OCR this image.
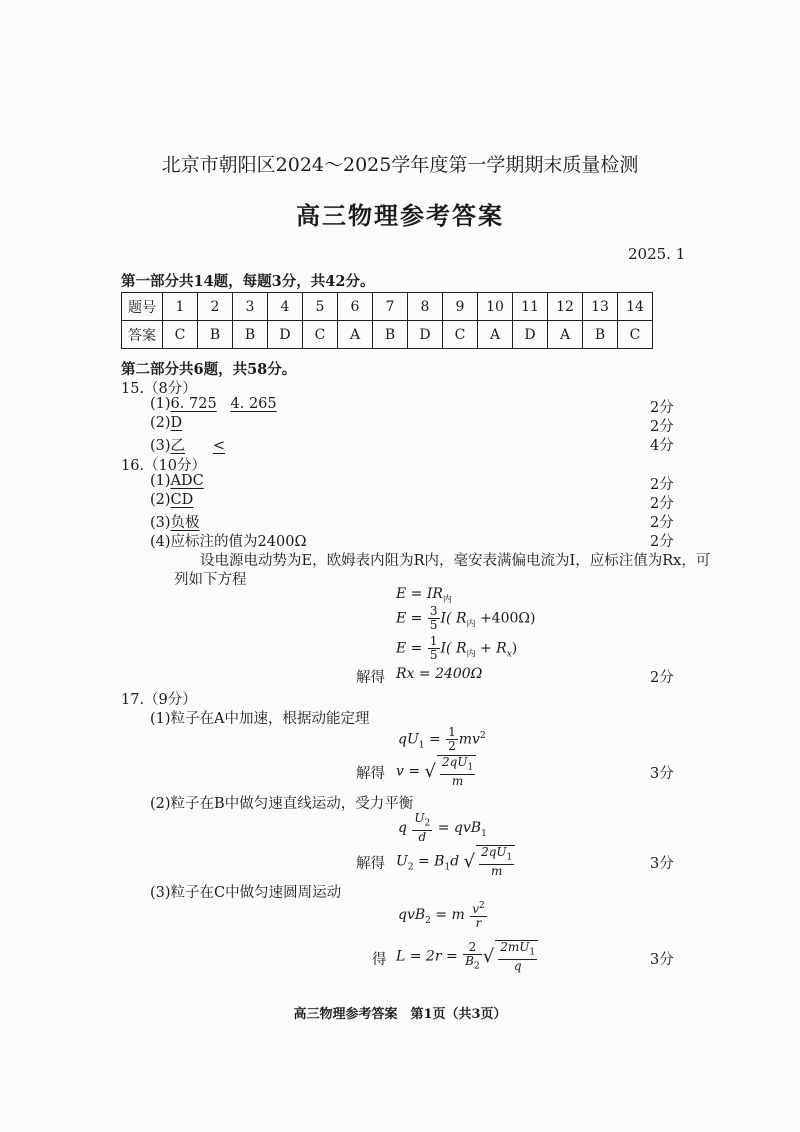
北京市朝阳区2024～2025学年度第一学期期末质量检测
高三物理参考答案
2025. 1
第一部分共14题，每题3分，共42分。
题号	1	2	3	4	5	6	7	8	9	10	11	12	13	14
答案	C	B	B	D	C	A	B	D	C	A	D	A	B	C
第二部分共6题，共58分。
15.（8分）
(1)6. 725 4. 265	2分
(2)D	2分
(3)乙 <	4分
16.（10分）
(1)ADC	2分
(2)CD	2分
(3)负极	2分
(4)应标注的值为2400Ω	2分
设电源电动势为E，欧姆表内阻为R内，毫安表满偏电流为I，应标注值为Rx，可
列如下方程
$E = IR_内$
$E = \frac{3}{5} I$( $R_内 +400\Omega$)
$E = \frac{1}{5} I$( $R_内 + R_x$)
解得 Rx = 2400Ω	2分
17.（9分）
(1)粒子在A中加速，根据动能定理
$qU_1 = \frac{1}{2} mv^2$
解得 v = √ $\frac{2qU_1}{m}$	3分
(2)粒子在B中做匀速直线运动，受力平衡
q $\frac{U_2}{d} = qvB_1$
解得 $U_2 = B_1d$ √ $\frac{2qU_1}{m}$	3分
(3)粒子在C中做匀速圆周运动
qvB$_2$ = m $\frac{v^2}{r}$
得 $L = 2r = \frac{2}{B_2}$ √ $\frac{2mU_1}{q}$	3分
高三物理参考答案　第1页（共3页）
